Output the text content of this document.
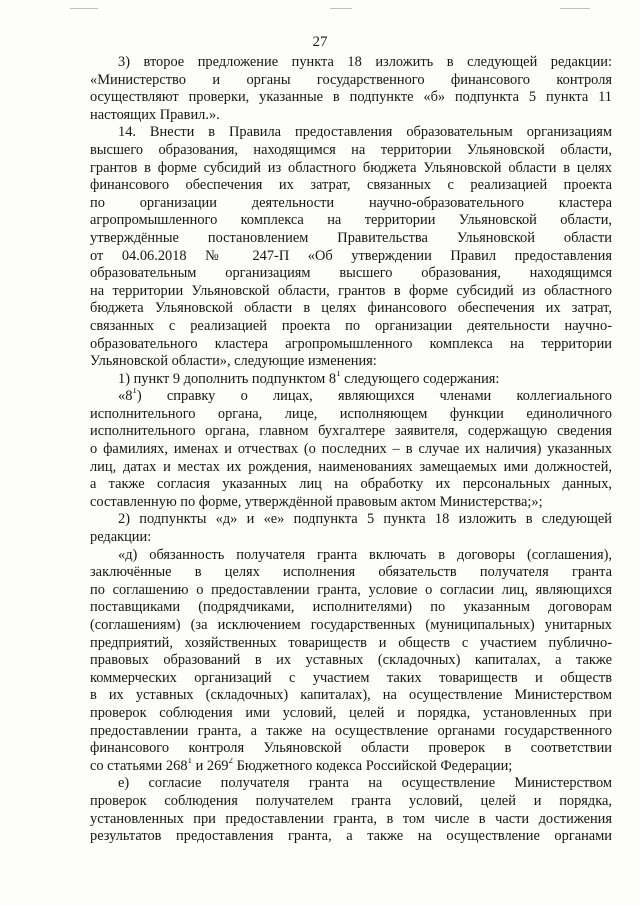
27
3) второе предложение пункта 18 изложить в следующей редакции:
«Министерство и органы государственного финансового контроля
осуществляют проверки, указанные в подпункте «б» подпункта 5 пункта 11
настоящих Правил.».
14. Внести в Правила предоставления образовательным организациям
высшего образования, находящимся на территории Ульяновской области,
грантов в форме субсидий из областного бюджета Ульяновской области в целях
финансового обеспечения их затрат, связанных с реализацией проекта
по организации деятельности научно-образовательного кластера
агропромышленного комплекса на территории Ульяновской области,
утверждённые постановлением Правительства Ульяновской области
от 04.06.2018 № 247-П «Об утверждении Правил предоставления
образовательным организациям высшего образования, находящимся
на территории Ульяновской области, грантов в форме субсидий из областного
бюджета Ульяновской области в целях финансового обеспечения их затрат,
связанных с реализацией проекта по организации деятельности научно-
образовательного кластера агропромышленного комплекса на территории
Ульяновской области», следующие изменения:
1) пункт 9 дополнить подпунктом $8^1$ следующего содержания:
«$8^1$) справку о лицах, являющихся членами коллегиального
исполнительного органа, лице, исполняющем функции единоличного
исполнительного органа, главном бухгалтере заявителя, содержащую сведения
о фамилиях, именах и отчествах (о последних – в случае их наличия) указанных
лиц, датах и местах их рождения, наименованиях замещаемых ими должностей,
а также согласия указанных лиц на обработку их персональных данных,
составленную по форме, утверждённой правовым актом Министерства;»;
2) подпункты «д» и «е» подпункта 5 пункта 18 изложить в следующей
редакции:
«д) обязанность получателя гранта включать в договоры (соглашения),
заключённые в целях исполнения обязательств получателя гранта
по соглашению о предоставлении гранта, условие о согласии лиц, являющихся
поставщиками (подрядчиками, исполнителями) по указанным договорам
(соглашениям) (за исключением государственных (муниципальных) унитарных
предприятий, хозяйственных товариществ и обществ с участием публично-
правовых образований в их уставных (складочных) капиталах, а также
коммерческих организаций с участием таких товариществ и обществ
в их уставных (складочных) капиталах), на осуществление Министерством
проверок соблюдения ими условий, целей и порядка, установленных при
предоставлении гранта, а также на осуществление органами государственного
финансового контроля Ульяновской области проверок в соответствии
со статьями $268^1$ и $269^2$ Бюджетного кодекса Российской Федерации;
е) согласие получателя гранта на осуществление Министерством
проверок соблюдения получателем гранта условий, целей и порядка,
установленных при предоставлении гранта, в том числе в части достижения
результатов предоставления гранта, а также на осуществление органами
